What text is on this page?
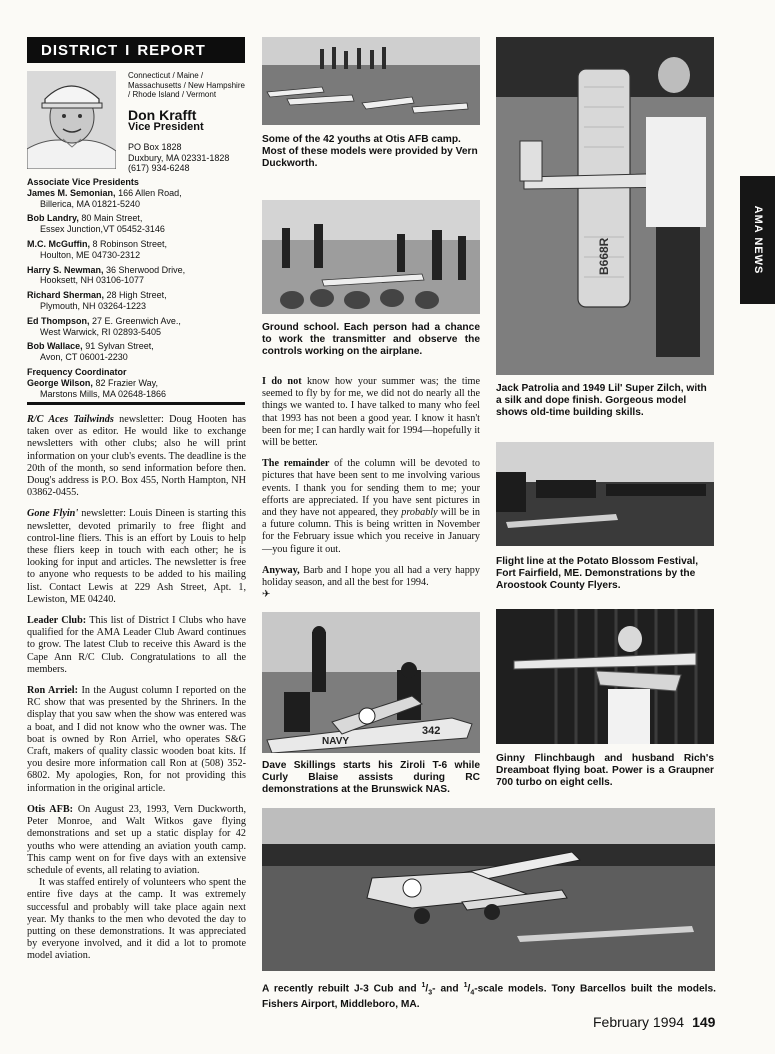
DISTRICT I REPORT
Connecticut / Maine / Massachusetts / New Hampshire / Rhode Island / Vermont
Don Krafft
Vice President
PO Box 1828
Duxbury, MA 02331-1828
(617) 934-6248
Associate Vice Presidents
James M. Semonian, 166 Allen Road,
Billerica, MA 01821-5240
Bob Landry, 80 Main Street,
Essex Junction,VT 05452-3146
M.C. McGuffin, 8 Robinson Street,
Houlton, ME 04730-2312
Harry S. Newman, 36 Sherwood Drive,
Hooksett, NH 03106-1077
Richard Sherman, 28 High Street,
Plymouth, NH 03264-1223
Ed Thompson, 27 E. Greenwich Ave.,
West Warwick, RI 02893-5405
Bob Wallace, 91 Sylvan Street,
Avon, CT 06001-2230
Frequency Coordinator
George Wilson, 82 Frazier Way,
Marstons Mills, MA 02648-1866

R/C Aces Tailwinds newsletter: Doug Hooten has taken over as editor. He would like to exchange newsletters with other clubs; also he will print information on your club's events. The deadline is the 20th of the month, so send information before then. Doug's address is P.O. Box 455, North Hampton, NH 03862-0455.

Gone Flyin' newsletter: Louis Dineen is starting this newsletter, devoted primarily to free flight and control-line fliers. This is an effort by Louis to help these fliers keep in touch with each other; he is looking for input and articles. The newsletter is free to anyone who requests to be added to his mailing list. Contact Lewis at 229 Ash Street, Apt. 1, Lewiston, ME 04240.

Leader Club: This list of District I Clubs who have qualified for the AMA Leader Club Award continues to grow. The latest Club to receive this Award is the Cape Ann R/C Club. Congratulations to all the members.

Ron Arriel: In the August column I reported on the RC show that was presented by the Shriners. In the display that you saw when the show was entered was a boat, and I did not know who the owner was. The boat is owned by Ron Arriel, who operates S&G Craft, makers of quality classic wooden boat kits. If you desire more information call Ron at (508) 352-6802. My apologies, Ron, for not providing this information in the original article.

Otis AFB: On August 23, 1993, Vern Duckworth, Peter Monroe, and Walt Witkos gave flying demonstrations and set up a static display for 42 youths who were attending an aviation youth camp. This camp went on for five days with an extensive schedule of events, all relating to aviation.

It was staffed entirely of volunteers who spent the entire five days at the camp. It was extremely successful and probably will take place again next year. My thanks to the men who devoted the day to putting on these demonstrations. It was appreciated by everyone involved, and it did a lot to promote model aviation.

Some of the 42 youths at Otis AFB camp. Most of these models were provided by Vern Duckworth.
Ground school. Each person had a chance to work the transmitter and observe the controls working on the airplane.

I do not know how your summer was; the time seemed to fly by for me, we did not do nearly all the things we wanted to. I have talked to many who feel that 1993 has not been a good year. I know it hasn't been for me; I can hardly wait for 1994—hopefully it will be better.

The remainder of the column will be devoted to pictures that have been sent to me involving various events. I thank you for sending them to me; your efforts are appreciated. If you have sent pictures in and they have not appeared, they probably will be in a future column. This is being written in November for the February issue which you receive in January—you figure it out.

Anyway, Barb and I hope you all had a very happy holiday season, and all the best for 1994.
✈

NAVY
342
Dave Skillings starts his Ziroli T-6 while Curly Blaise assists during RC demonstrations at the Brunswick NAS.
B668R
Jack Patrolia and 1949 Lil' Super Zilch, with a silk and dope finish. Gorgeous model shows old-time building skills.
Flight line at the Potato Blossom Festival, Fort Fairfield, ME. Demonstrations by the Aroostook County Flyers.
Ginny Flinchbaugh and husband Rich's Dreamboat flying boat. Power is a Graupner 700 turbo on eight cells.
A recently rebuilt J-3 Cub and $^1/_3-$ and $^1/_4$-scale models. Tony Barcellos built the models. Fishers Airport, Middleboro, MA.
AMA NEWS
February 1994 149
